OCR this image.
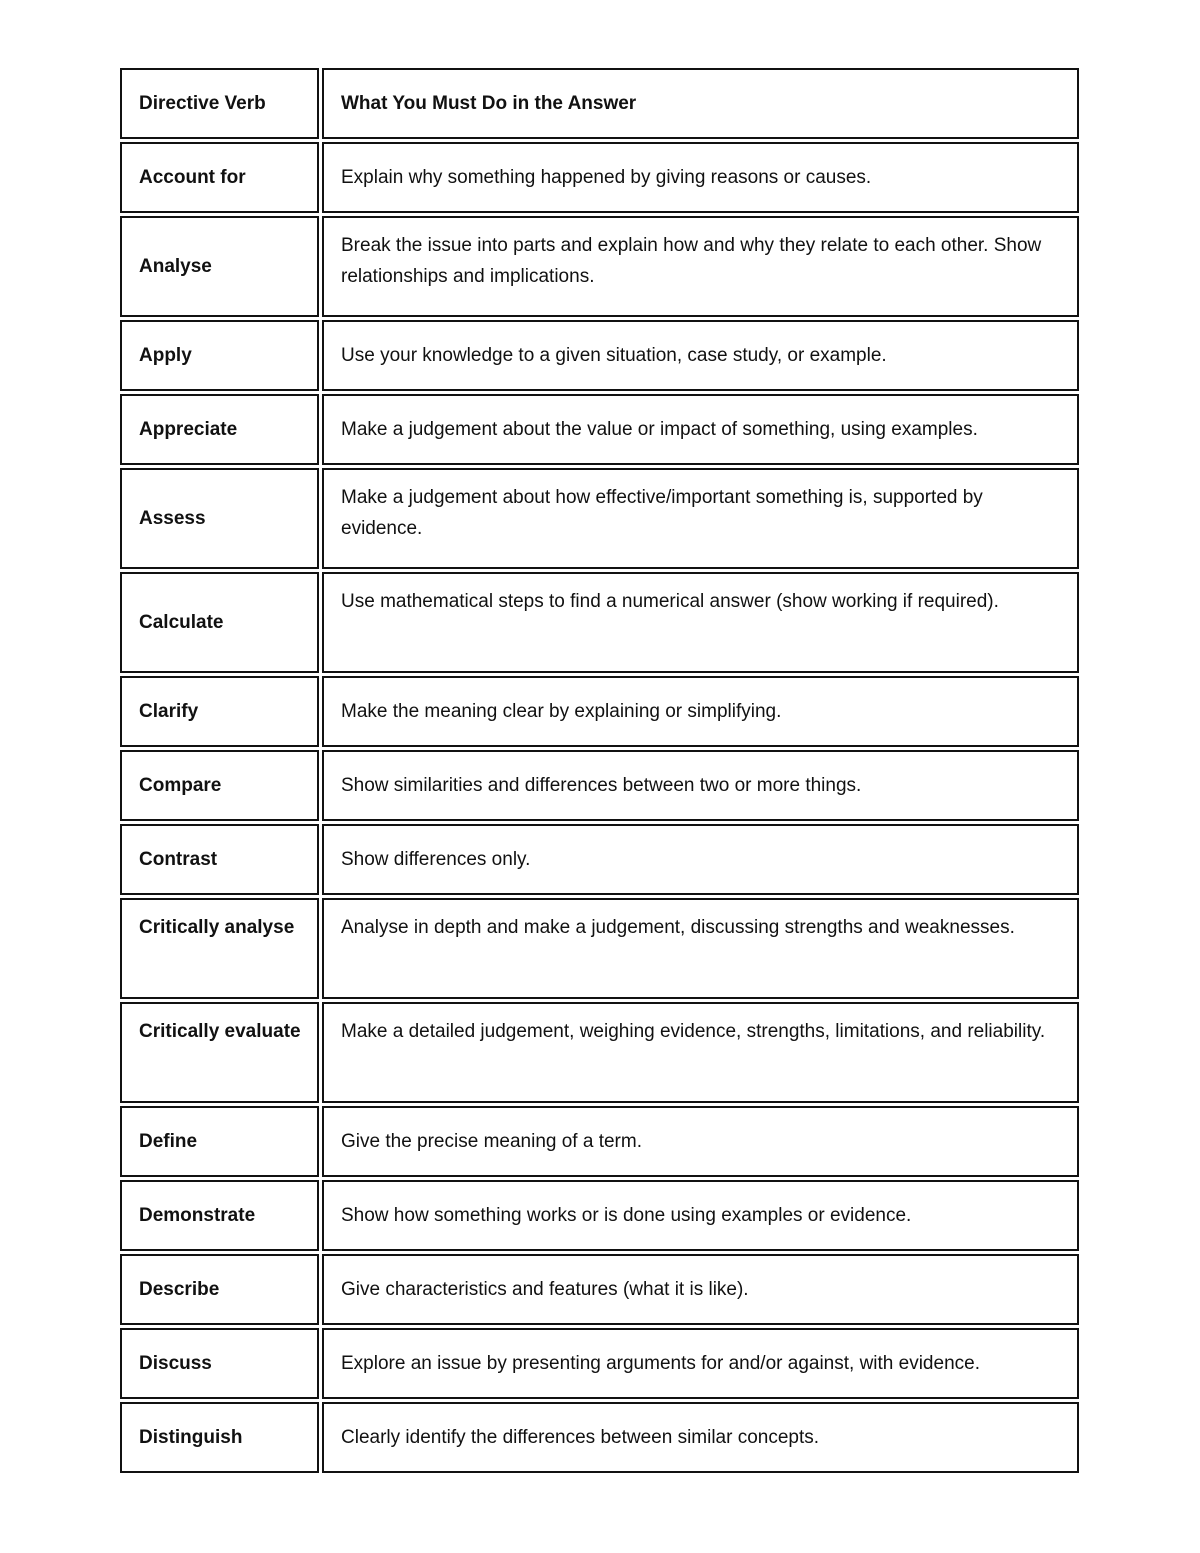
Directive Verb	What You Must Do in the Answer
Account for	Explain why something happened by giving reasons or causes.
Analyse	Break the issue into parts and explain how and why they relate to each other. Show relationships and implications.
Apply	Use your knowledge to a given situation, case study, or example.
Appreciate	Make a judgement about the value or impact of something, using examples.
Assess	Make a judgement about how effective/important something is, supported by evidence.
Calculate	Use mathematical steps to find a numerical answer (show working if required).
Clarify	Make the meaning clear by explaining or simplifying.
Compare	Show similarities and differences between two or more things.
Contrast	Show differences only.
Critically analyse	Analyse in depth and make a judgement, discussing strengths and weaknesses.
Critically evaluate	Make a detailed judgement, weighing evidence, strengths, limitations, and reliability.
Define	Give the precise meaning of a term.
Demonstrate	Show how something works or is done using examples or evidence.
Describe	Give characteristics and features (what it is like).
Discuss	Explore an issue by presenting arguments for and/or against, with evidence.
Distinguish	Clearly identify the differences between similar concepts.
